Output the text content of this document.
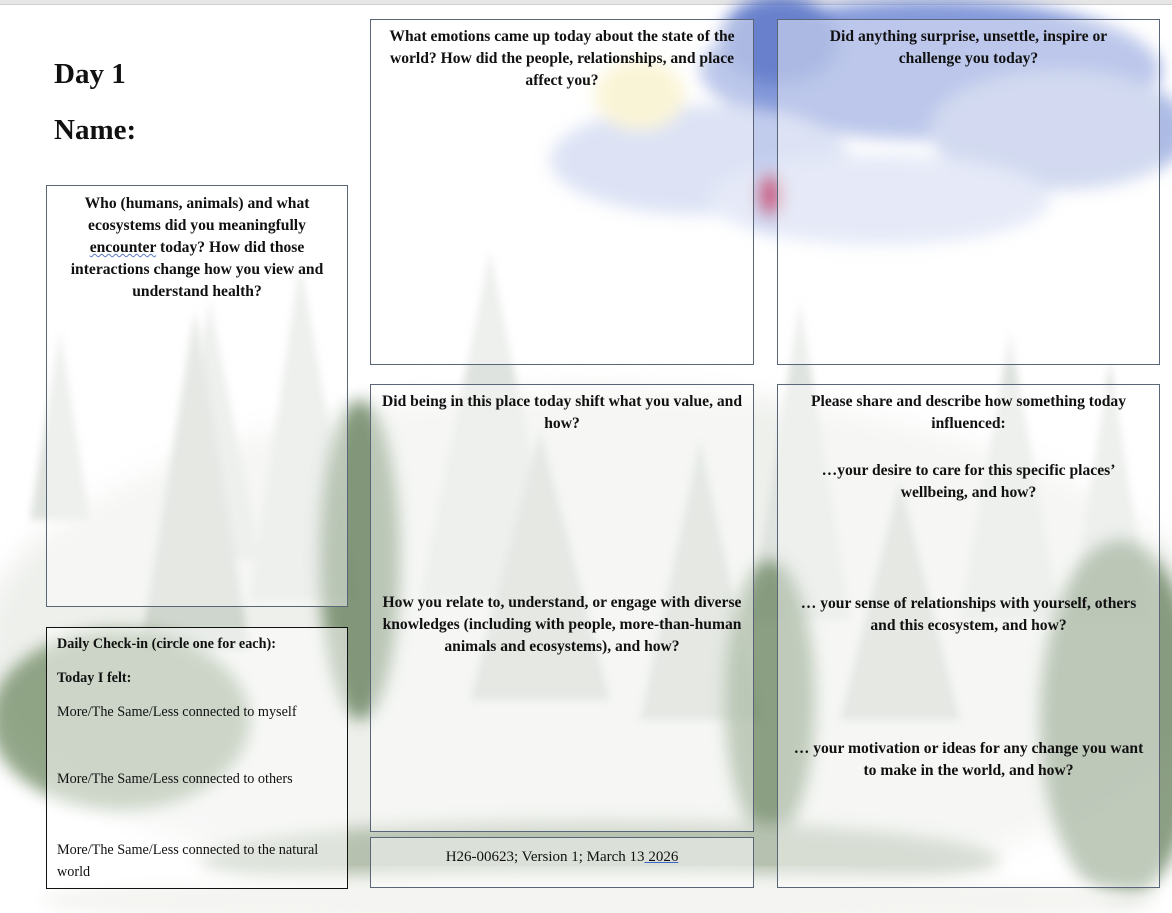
Day 1
Name:
Who (humans, animals) and what ecosystems did you meaningfully encounter today? How did those interactions change how you view and understand health?
What emotions came up today about the state of the world? How did the people, relationships, and place affect you?
Did anything surprise, unsettle, inspire or challenge you today?
Did being in this place today shift what you value, and how?
How you relate to, understand, or engage with diverse knowledges (including with people, more-than-human animals and ecosystems), and how?
Please share and describe how something today influenced:
…your desire to care for this specific places’ wellbeing, and how?
… your sense of relationships with yourself, others and this ecosystem, and how?
… your motivation or ideas for any change you want to make in the world, and how?
Daily Check-in (circle one for each):
Today I felt:
More/The Same/Less connected to myself
More/The Same/Less connected to others
More/The Same/Less connected to the natural world
H26-00623; Version 1; March 13 2026
